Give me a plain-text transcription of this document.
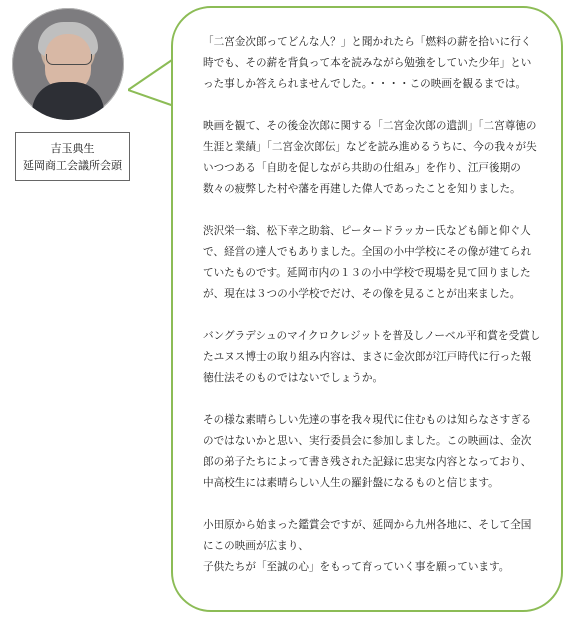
吉玉典生
延岡商工会議所会頭

「二宮金次郎ってどんな人？」と聞かれたら「燃料の薪を拾いに行く時でも、その薪を背負って本を読みながら勉強をしていた少年」といった事しか答えられませんでした。・・・・この映画を観るまでは。

映画を観て、その後金次郎に関する「二宮金次郎の遺訓」「二宮尊徳の生涯と業績」「二宮金次郎伝」などを読み進めるうちに、今の我々が失いつつある「自助を促しながら共助の仕組み」を作り、江戸後期の数々の疲弊した村や藩を再建した偉人であったことを知りました。

渋沢栄一翁、松下幸之助翁、ピータードラッカー氏なども師と仰ぐ人で、経営の達人でもありました。全国の小中学校にその像が建てられていたものです。延岡市内の１３の小中学校で現場を見て回りましたが、現在は３つの小学校でだけ、その像を見ることが出来ました。

バングラデシュのマイクロクレジットを普及しノーベル平和賞を受賞したユヌス博士の取り組み内容は、まさに金次郎が江戸時代に行った報徳仕法そのものではないでしょうか。

その様な素晴らしい先達の事を我々現代に住むものは知らなさすぎるのではないかと思い、実行委員会に参加しました。この映画は、金次郎の弟子たちによって書き残された記録に忠実な内容となっており、中高校生には素晴らしい人生の羅針盤になるものと信じます。

小田原から始まった鑑賞会ですが、延岡から九州各地に、そして全国にこの映画が広まり、
子供たちが「至誠の心」をもって育っていく事を願っています。
